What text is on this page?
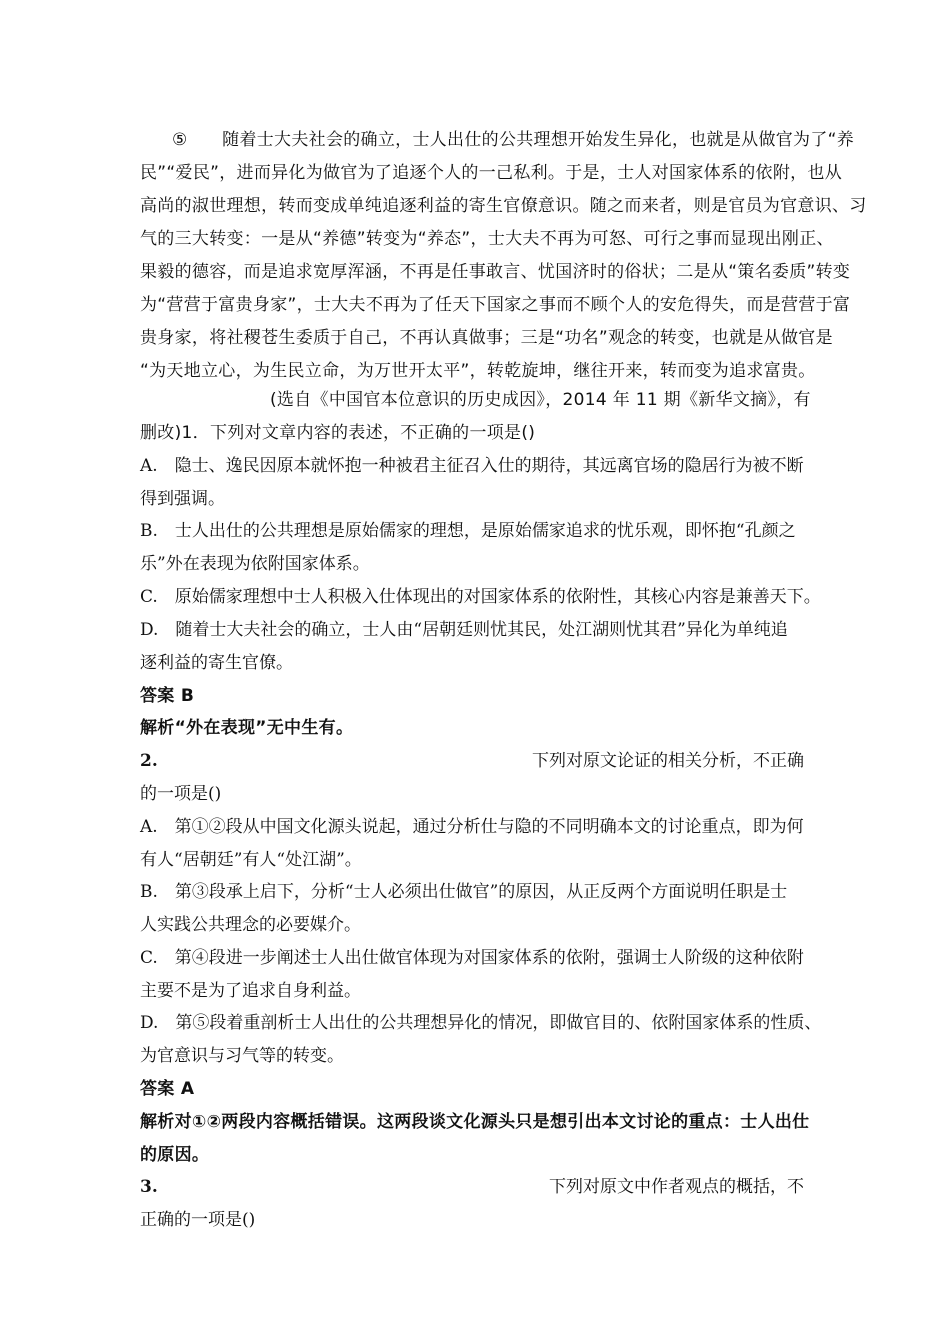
⑤　　随着士大夫社会的确立，士人出仕的公共理想开始发生异化，也就是从做官为了“养
民”“爱民”，进而异化为做官为了追逐个人的一己私利。于是，士人对国家体系的依附，也从
高尚的淑世理想，转而变成单纯追逐利益的寄生官僚意识。随之而来者，则是官员为官意识、习
气的三大转变：一是从“养德”转变为“养态”，士大夫不再为可怒、可行之事而显现出刚正、
果毅的德容，而是追求宽厚浑涵，不再是任事敢言、忧国济时的俗状；二是从“策名委质”转变
为“营营于富贵身家”，士大夫不再为了任天下国家之事而不顾个人的安危得失，而是营营于富
贵身家，将社稷苍生委质于自己，不再认真做事；三是“功名”观念的转变，也就是从做官是
“为天地立心，为生民立命，为万世开太平”，转乾旋坤，继往开来，转而变为追求富贵。
(选自《中国官本位意识的历史成因》，2014 年 11 期《新华文摘》，有
删改)1．下列对文章内容的表述，不正确的一项是()
A.　隐士、逸民因原本就怀抱一种被君主征召入仕的期待，其远离官场的隐居行为被不断
得到强调。
B.　士人出仕的公共理想是原始儒家的理想，是原始儒家追求的忧乐观，即怀抱“孔颜之
乐”外在表现为依附国家体系。
C.　原始儒家理想中士人积极入仕体现出的对国家体系的依附性，其核心内容是兼善天下。
D.　随着士大夫社会的确立，士人由“居朝廷则忧其民，处江湖则忧其君”异化为单纯追
逐利益的寄生官僚。
答案 B
解析“外在表现”无中生有。
2.	下列对原文论证的相关分析，不正确
的一项是()
A.　第①②段从中国文化源头说起，通过分析仕与隐的不同明确本文的讨论重点，即为何
有人“居朝廷”有人“处江湖”。
B.　第③段承上启下，分析“士人必须出仕做官”的原因，从正反两个方面说明任职是士
人实践公共理念的必要媒介。
C.　第④段进一步阐述士人出仕做官体现为对国家体系的依附，强调士人阶级的这种依附
主要不是为了追求自身利益。
D.　第⑤段着重剖析士人出仕的公共理想异化的情况，即做官目的、依附国家体系的性质、
为官意识与习气等的转变。
答案 A
解析对①②两段内容概括错误。这两段谈文化源头只是想引出本文讨论的重点：士人出仕
的原因。
3.	下列对原文中作者观点的概括，不
正确的一项是()
